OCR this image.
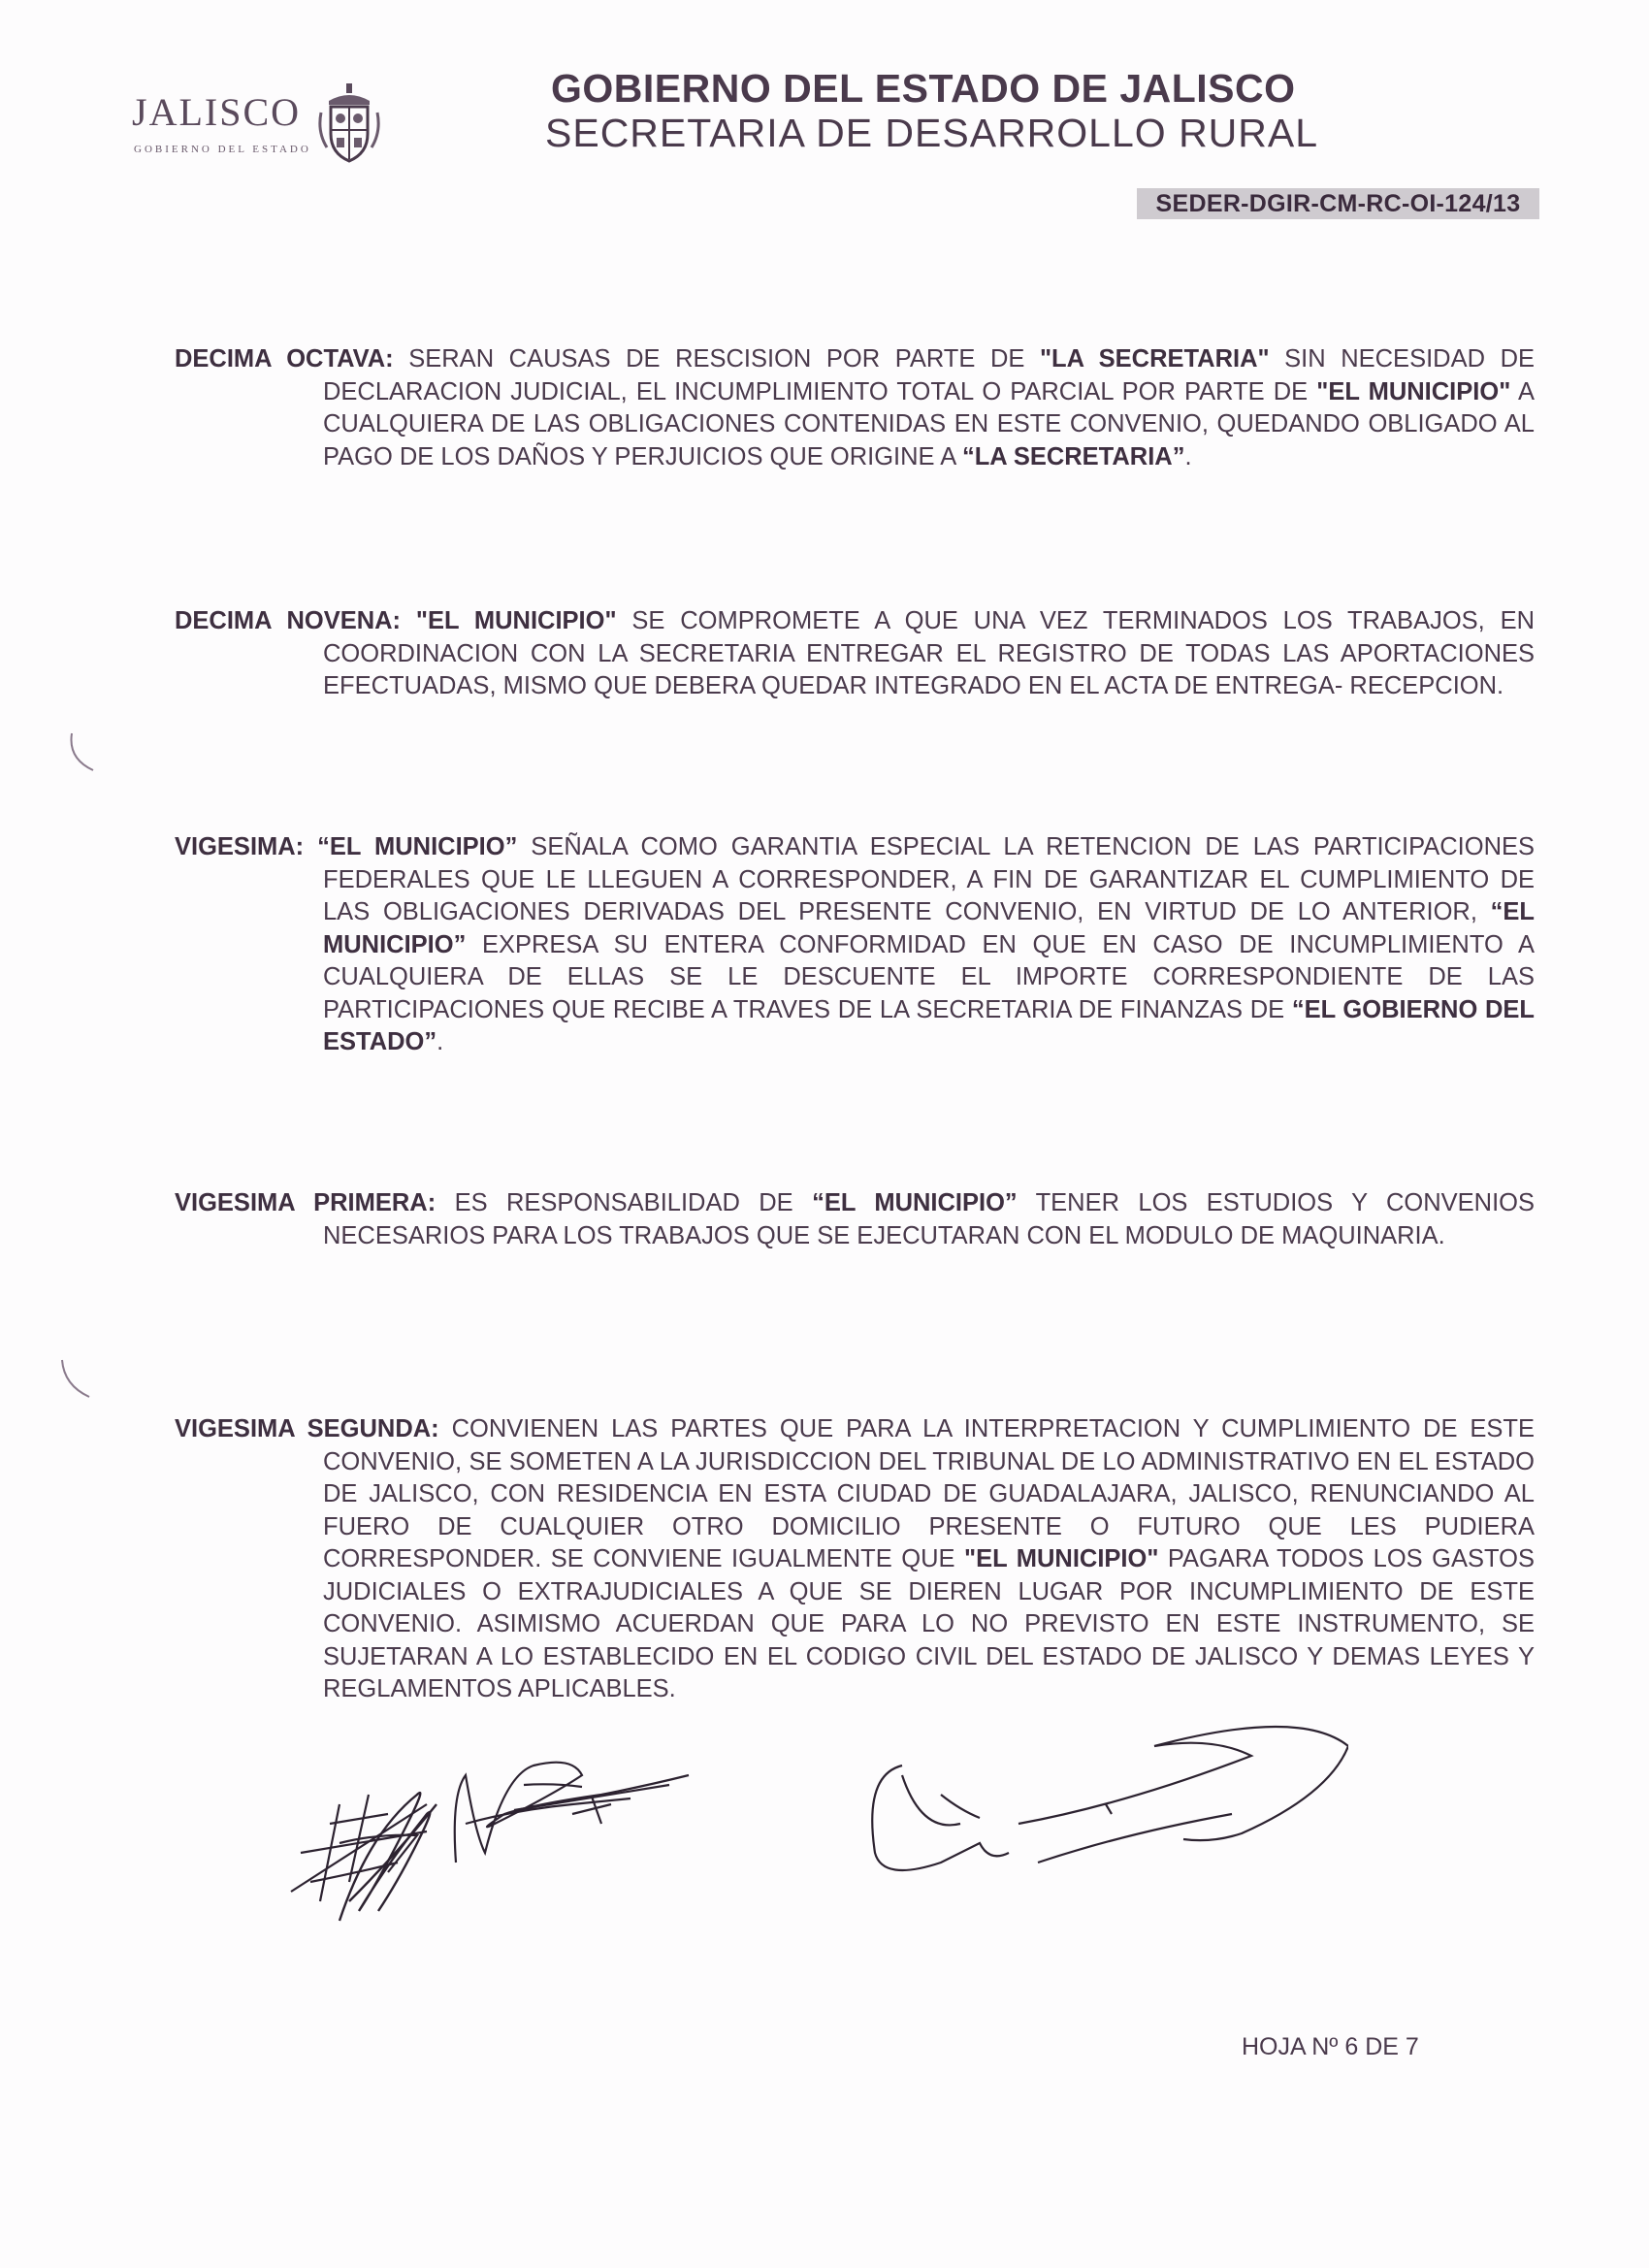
JALISCO
GOBIERNO DEL ESTADO
GOBIERNO DEL ESTADO DE JALISCO
SECRETARIA DE DESARROLLO RURAL
SEDER-DGIR-CM-RC-OI-124/13
DECIMA OCTAVA: SERAN CAUSAS DE RESCISION POR PARTE DE "LA SECRETARIA" SIN NECESIDAD DE DECLARACION JUDICIAL, EL INCUMPLIMIENTO TOTAL O PARCIAL POR PARTE DE "EL MUNICIPIO" A CUALQUIERA DE LAS OBLIGACIONES CONTENIDAS EN ESTE CONVENIO, QUEDANDO OBLIGADO AL PAGO DE LOS DAÑOS Y PERJUICIOS QUE ORIGINE A “LA SECRETARIA”.
DECIMA NOVENA: "EL MUNICIPIO" SE COMPROMETE A QUE UNA VEZ TERMINADOS LOS TRABAJOS, EN COORDINACION CON LA SECRETARIA ENTREGAR EL REGISTRO DE TODAS LAS APORTACIONES EFECTUADAS, MISMO QUE DEBERA QUEDAR INTEGRADO EN EL ACTA DE ENTREGA- RECEPCION.
VIGESIMA: “EL MUNICIPIO” SEÑALA COMO GARANTIA ESPECIAL LA RETENCION DE LAS PARTICIPACIONES FEDERALES QUE LE LLEGUEN A CORRESPONDER, A FIN DE GARANTIZAR EL CUMPLIMIENTO DE LAS OBLIGACIONES DERIVADAS DEL PRESENTE CONVENIO, EN VIRTUD DE LO ANTERIOR, “EL MUNICIPIO” EXPRESA SU ENTERA CONFORMIDAD EN QUE EN CASO DE INCUMPLIMIENTO A CUALQUIERA DE ELLAS SE LE DESCUENTE EL IMPORTE CORRESPONDIENTE DE LAS PARTICIPACIONES QUE RECIBE A TRAVES DE LA SECRETARIA DE FINANZAS DE “EL GOBIERNO DEL ESTADO”.
VIGESIMA PRIMERA: ES RESPONSABILIDAD DE “EL MUNICIPIO” TENER LOS ESTUDIOS Y CONVENIOS NECESARIOS PARA LOS TRABAJOS QUE SE EJECUTARAN CON EL MODULO DE MAQUINARIA.
VIGESIMA SEGUNDA: CONVIENEN LAS PARTES QUE PARA LA INTERPRETACION Y CUMPLIMIENTO DE ESTE CONVENIO, SE SOMETEN A LA JURISDICCION DEL TRIBUNAL DE LO ADMINISTRATIVO EN EL ESTADO DE JALISCO, CON RESIDENCIA EN ESTA CIUDAD DE GUADALAJARA, JALISCO, RENUNCIANDO AL FUERO DE CUALQUIER OTRO DOMICILIO PRESENTE O FUTURO QUE LES PUDIERA CORRESPONDER. SE CONVIENE IGUALMENTE QUE "EL MUNICIPIO" PAGARA TODOS LOS GASTOS JUDICIALES O EXTRAJUDICIALES A QUE SE DIEREN LUGAR POR INCUMPLIMIENTO DE ESTE CONVENIO. ASIMISMO ACUERDAN QUE PARA LO NO PREVISTO EN ESTE INSTRUMENTO, SE SUJETARAN A LO ESTABLECIDO EN EL CODIGO CIVIL DEL ESTADO DE JALISCO Y DEMAS LEYES Y REGLAMENTOS APLICABLES.
HOJA Nº 6 DE 7
